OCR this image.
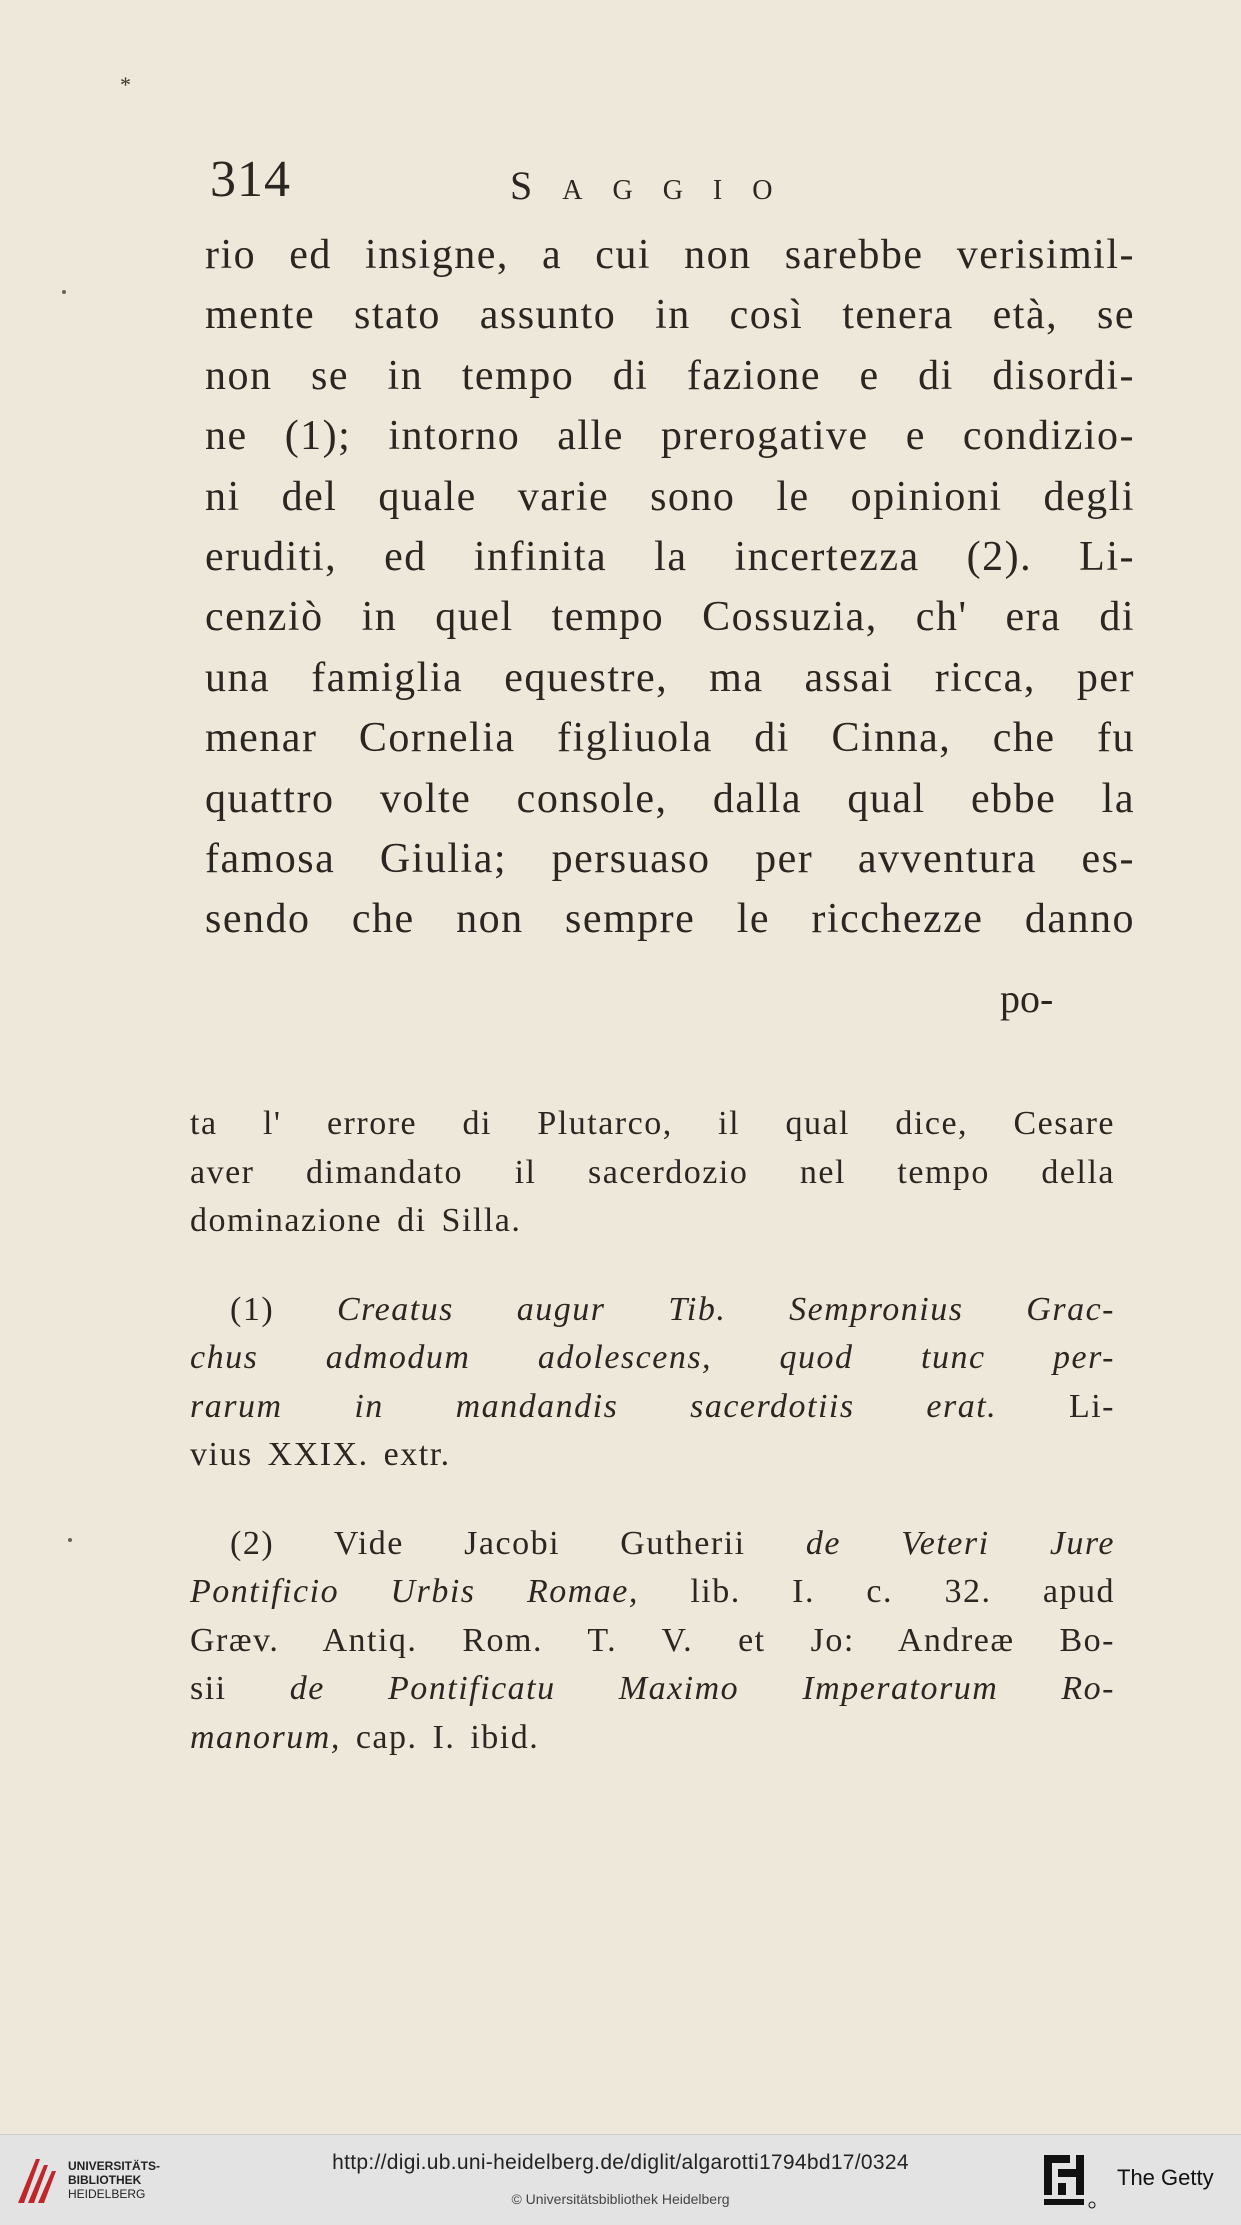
*
314	Saggio
rio ed insigne, a cui non sarebbe verisimil-
mente stato assunto in così tenera età, se
non se in tempo di fazione e di disordi-
ne (1); intorno alle prerogative e condizio-
ni del quale varie sono le opinioni degli
eruditi, ed infinita la incertezza (2). Li-
cenziò in quel tempo Cossuzia, ch' era di
una famiglia equestre, ma assai ricca, per
menar Cornelia figliuola di Cinna, che fu
quattro volte console, dalla qual ebbe la
famosa Giulia; persuaso per avventura es-
sendo che non sempre le ricchezze danno
po-
ta l' errore di Plutarco, il qual dice, Cesare
aver dimandato il sacerdozio nel tempo della
dominazione di Silla.
(1) Creatus augur Tib. Sempronius Grac-
chus admodum adolescens, quod tunc per-
rarum in mandandis sacerdotiis erat. Li-
vius XXIX. extr.
(2) Vide Jacobi Gutherii de Veteri Jure
Pontificio Urbis Romae, lib. I. c. 32. apud
Græv. Antiq. Rom. T. V. et Jo: Andreæ Bo-
sii de Pontificatu Maximo Imperatorum Ro-
manorum, cap. I. ibid.
UNIVERSITÄTS-
BIBLIOTHEK
HEIDELBERG
http://digi.ub.uni-heidelberg.de/diglit/algarotti1794bd17/0324
© Universitätsbibliothek Heidelberg
The Getty
